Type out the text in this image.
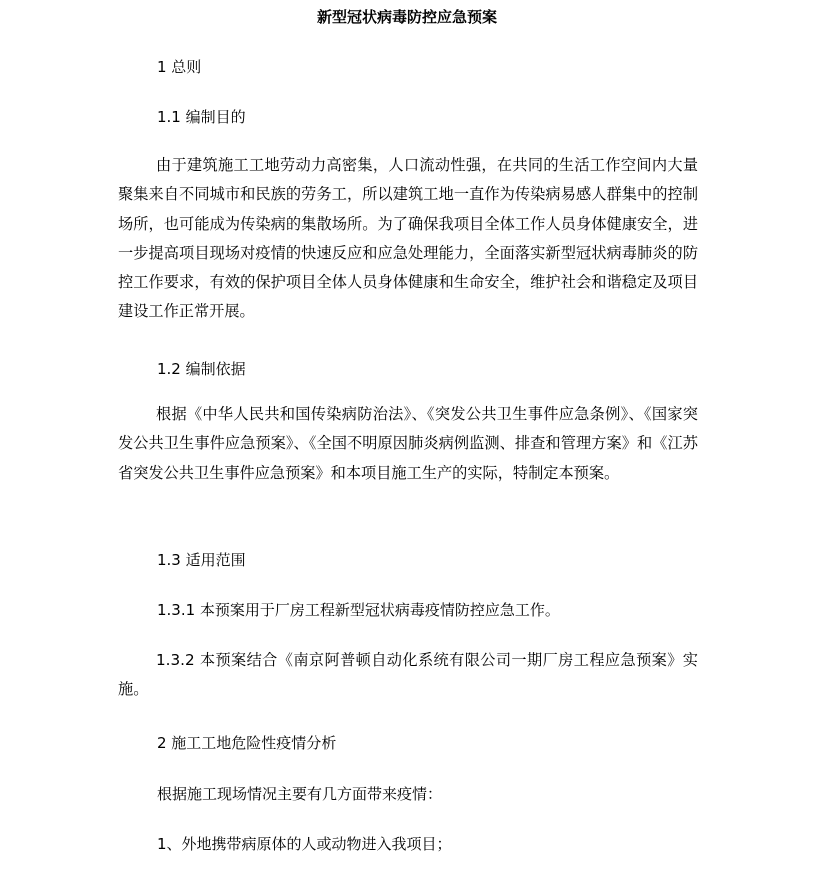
新型冠状病毒防控应急预案

1 总则

1.1 编制目的

由于建筑施工工地劳动力高密集，人口流动性强，在共同的生活工作空间内大量聚集来自不同城市和民族的劳务工，所以建筑工地一直作为传染病易感人群集中的控制场所，也可能成为传染病的集散场所。为了确保我项目全体工作人员身体健康安全，进一步提高项目现场对疫情的快速反应和应急处理能力，全面落实新型冠状病毒肺炎的防控工作要求，有效的保护项目全体人员身体健康和生命安全，维护社会和谐稳定及项目建设工作正常开展。

1.2 编制依据

根据《中华人民共和国传染病防治法》、《突发公共卫生事件应急条例》、《国家突发公共卫生事件应急预案》、《全国不明原因肺炎病例监测、排查和管理方案》和《江苏省突发公共卫生事件应急预案》和本项目施工生产的实际，特制定本预案。

1.3 适用范围

1.3.1 本预案用于厂房工程新型冠状病毒疫情防控应急工作。

1.3.2 本预案结合《南京阿普顿自动化系统有限公司一期厂房工程应急预案》实施。

2 施工工地危险性疫情分析

根据施工现场情况主要有几方面带来疫情：

1、外地携带病原体的人或动物进入我项目；
